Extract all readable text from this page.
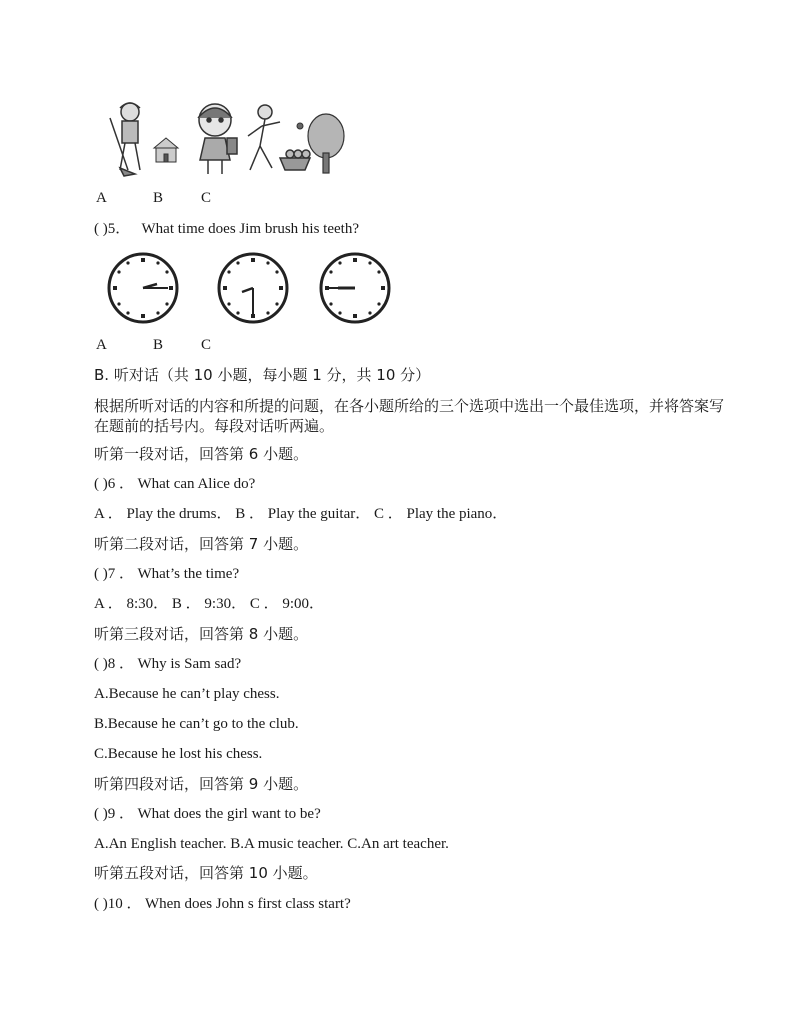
A	B	C
( )5． What time does Jim brush his teeth?
A	B	C
B. 听对话（共 10 小题，每小题 1 分，共 10 分）
根据所听对话的内容和所提的问题，在各小题所给的三个选项中选出一个最佳选项，并将答案写在题前的括号内。每段对话听两遍。
听第一段对话，回答第 6 小题。
( )6 ． What can Alice do?
A ． Play the drums． B ． Play the guitar． C ． Play the piano．
听第二段对话，回答第 7 小题。
( )7 ． What’s the time?
A ． 8:30． B ． 9:30． C ． 9:00．
听第三段对话，回答第 8 小题。
( )8 ． Why is Sam sad?
A.Because he can’t play chess.
B.Because he can’t go to the club.
C.Because he lost his chess.
听第四段对话，回答第 9 小题。
( )9 ． What does the girl want to be?
A.An English teacher. B.A music teacher. C.An art teacher.
听第五段对话，回答第 10 小题。
( )10 ． When does John s first class start?
